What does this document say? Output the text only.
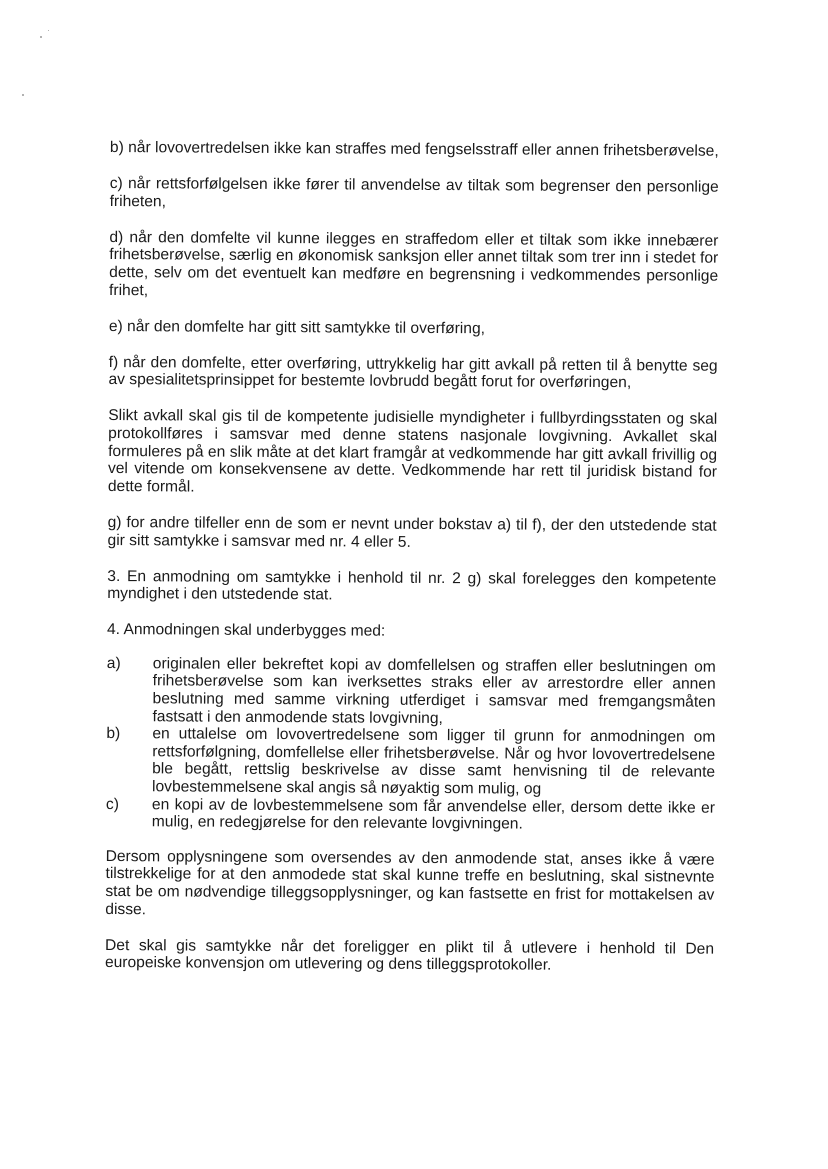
b) når lovovertredelsen ikke kan straffes med fengselsstraff eller annen frihetsberøvelse,

c) når rettsforfølgelsen ikke fører til anvendelse av tiltak som begrenser den personlige friheten,

d) når den domfelte vil kunne ilegges en straffedom eller et tiltak som ikke innebærer frihetsberøvelse, særlig en økonomisk sanksjon eller annet tiltak som trer inn i stedet for dette, selv om det eventuelt kan medføre en begrensning i vedkommendes personlige frihet,

e) når den domfelte har gitt sitt samtykke til overføring,

f) når den domfelte, etter overføring, uttrykkelig har gitt avkall på retten til å benytte seg av spesialitetsprinsippet for bestemte lovbrudd begått forut for overføringen,

Slikt avkall skal gis til de kompetente judisielle myndigheter i fullbyrdingsstaten og skal protokollføres i samsvar med denne statens nasjonale lovgivning. Avkallet skal formuleres på en slik måte at det klart framgår at vedkommende har gitt avkall frivillig og vel vitende om konsekvensene av dette. Vedkommende har rett til juridisk bistand for dette formål.

g) for andre tilfeller enn de som er nevnt under bokstav a) til f), der den utstedende stat gir sitt samtykke i samsvar med nr. 4 eller 5.

3. En anmodning om samtykke i henhold til nr. 2 g) skal forelegges den kompetente myndighet i den utstedende stat.

4. Anmodningen skal underbygges med:

a) originalen eller bekreftet kopi av domfellelsen og straffen eller beslutningen om frihetsberøvelse som kan iverksettes straks eller av arrestordre eller annen beslutning med samme virkning utferdiget i samsvar med fremgangsmåten fastsatt i den anmodende stats lovgivning,
b) en uttalelse om lovovertredelsene som ligger til grunn for anmodningen om rettsforfølgning, domfellelse eller frihetsberøvelse. Når og hvor lovovertredelsene ble begått, rettslig beskrivelse av disse samt henvisning til de relevante lovbestemmelsene skal angis så nøyaktig som mulig, og
c) en kopi av de lovbestemmelsene som får anvendelse eller, dersom dette ikke er mulig, en redegjørelse for den relevante lovgivningen.

Dersom opplysningene som oversendes av den anmodende stat, anses ikke å være tilstrekkelige for at den anmodede stat skal kunne treffe en beslutning, skal sistnevnte stat be om nødvendige tilleggsopplysninger, og kan fastsette en frist for mottakelsen av disse.

Det skal gis samtykke når det foreligger en plikt til å utlevere i henhold til Den europeiske konvensjon om utlevering og dens tilleggsprotokoller.
